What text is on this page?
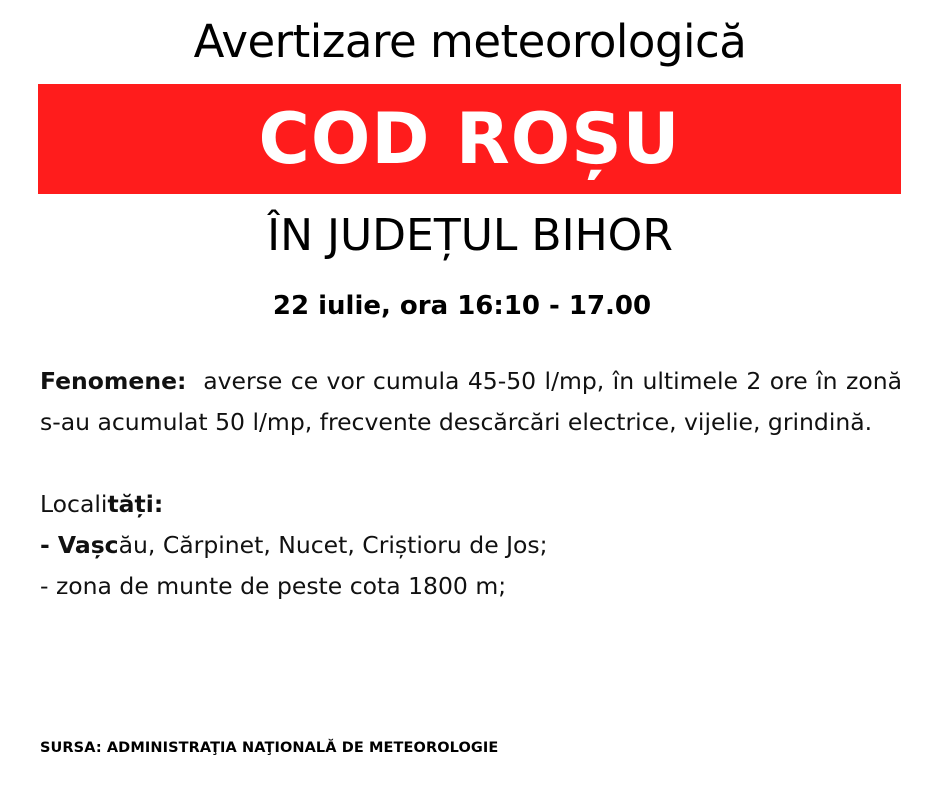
Avertizare meteorologică
COD ROȘU
ÎN JUDEȚUL BIHOR
22 iulie, ora 16:10 - 17.00

Fenomene: averse ce vor cumula 45-50 l/mp, în ultimele 2 ore în zonă s-au acumulat 50 l/mp, frecvente descărcări electrice, vijelie, grindină.

Localități:

- Vașcău, Cărpinet, Nucet, Criștioru de Jos;

- zona de munte de peste cota 1800 m;

SURSA: ADMINISTRAŢIA NAŢIONALĂ DE METEOROLOGIE
